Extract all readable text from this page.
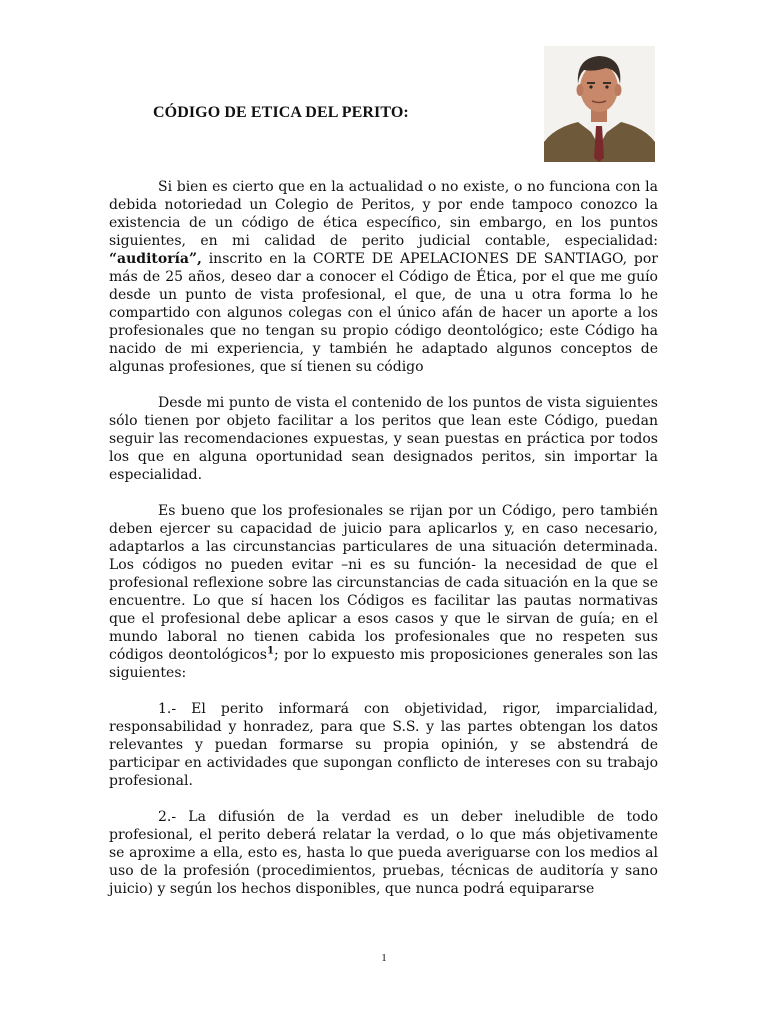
CÓDIGO DE ETICA DEL PERITO:

Si bien es cierto que en la actualidad o no existe, o no funciona con la debida notoriedad un Colegio de Peritos, y por ende tampoco conozco la existencia de un código de ética específico, sin embargo, en los puntos siguientes, en mi calidad de perito judicial contable, especialidad: “auditoría”, inscrito en la CORTE DE APELACIONES DE SANTIAGO, por más de 25 años, deseo dar a conocer el Código de Ética, por el que me guío desde un punto de vista profesional, el que, de una u otra forma lo he compartido con algunos colegas con el único afán de hacer un aporte a los profesionales que no tengan su propio código deontológico; este Código ha nacido de mi experiencia, y también he adaptado algunos conceptos de algunas profesiones, que sí tienen su código

Desde mi punto de vista el contenido de los puntos de vista siguientes sólo tienen por objeto facilitar a los peritos que lean este Código, puedan seguir las recomendaciones expuestas, y sean puestas en práctica por todos los que en alguna oportunidad sean designados peritos, sin importar la especialidad.

Es bueno que los profesionales se rijan por un Código, pero también deben ejercer su capacidad de juicio para aplicarlos y, en caso necesario, adaptarlos a las circunstancias particulares de una situación determinada. Los códigos no pueden evitar –ni es su función- la necesidad de que el profesional reflexione sobre las circunstancias de cada situación en la que se encuentre. Lo que sí hacen los Códigos es facilitar las pautas normativas que el profesional debe aplicar a esos casos y que le sirvan de guía; en el mundo laboral no tienen cabida los profesionales que no respeten sus códigos deontológicos$^1$; por lo expuesto mis proposiciones generales son las siguientes:

1.- El perito informará con objetividad, rigor, imparcialidad, responsabilidad y honradez, para que S.S. y las partes obtengan los datos relevantes y puedan formarse su propia opinión, y se abstendrá de participar en actividades que supongan conflicto de intereses con su trabajo profesional.

2.- La difusión de la verdad es un deber ineludible de todo profesional, el perito deberá relatar la verdad, o lo que más objetivamente se aproxime a ella, esto es, hasta lo que pueda averiguarse con los medios al uso de la profesión (procedimientos, pruebas, técnicas de auditoría y sano juicio) y según los hechos disponibles, que nunca podrá equipararse

1
